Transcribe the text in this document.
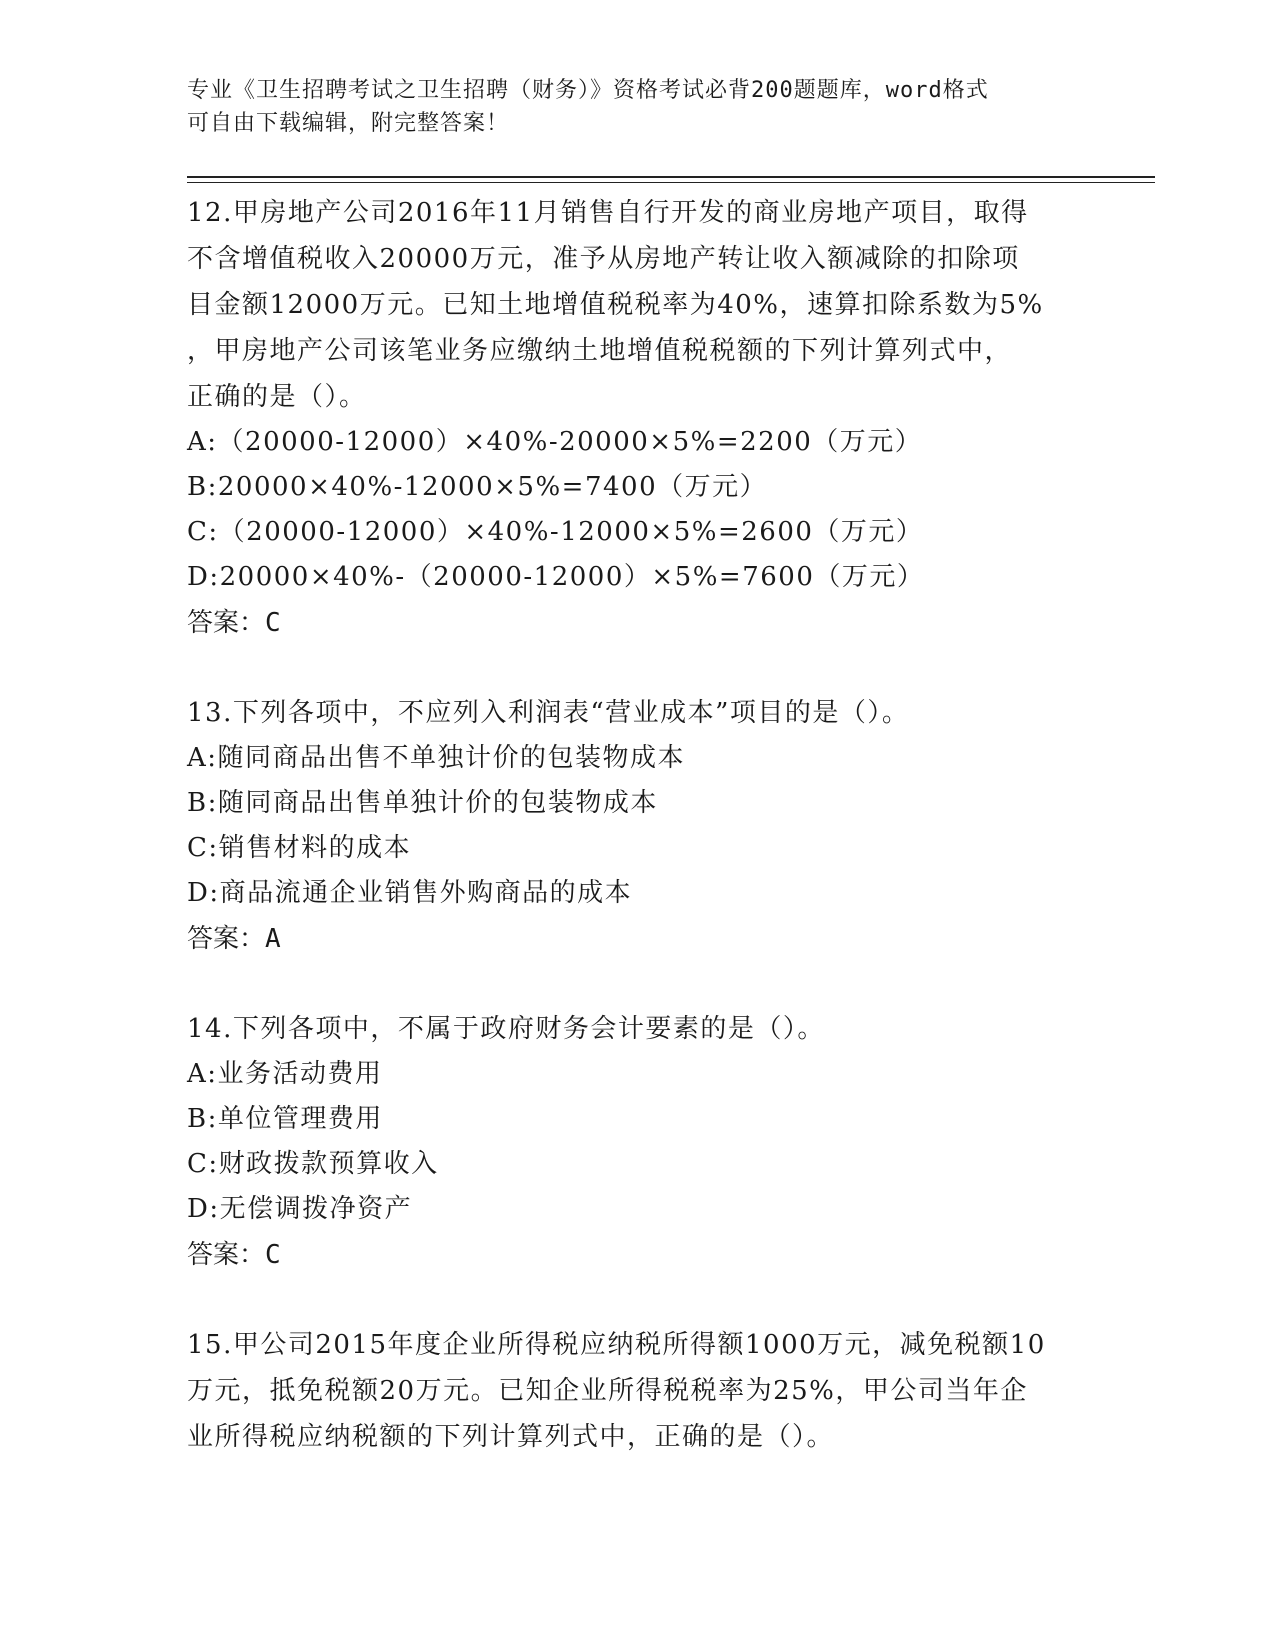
专业《卫生招聘考试之卫生招聘（财务）》资格考试必背200题题库，word格式
可自由下载编辑，附完整答案！

12.甲房地产公司2016年11月销售自行开发的商业房地产项目，取得
不含增值税收入20000万元，准予从房地产转让收入额减除的扣除项
目金额12000万元。已知土地增值税税率为40%，速算扣除系数为5%
，甲房地产公司该笔业务应缴纳土地增值税税额的下列计算列式中，
正确的是（）。

A:（20000-12000）×40%-20000×5%=2200（万元）

B:20000×40%-12000×5%=7400（万元）

C:（20000-12000）×40%-12000×5%=2600（万元）

D:20000×40%-（20000-12000）×5%=7600（万元）

答案：C

13.下列各项中，不应列入利润表“营业成本”项目的是（）。

A:随同商品出售不单独计价的包装物成本

B:随同商品出售单独计价的包装物成本

C:销售材料的成本

D:商品流通企业销售外购商品的成本

答案：A

14.下列各项中，不属于政府财务会计要素的是（）。

A:业务活动费用

B:单位管理费用

C:财政拨款预算收入

D:无偿调拨净资产

答案：C

15.甲公司2015年度企业所得税应纳税所得额1000万元，减免税额10
万元，抵免税额20万元。已知企业所得税税率为25%，甲公司当年企
业所得税应纳税额的下列计算列式中，正确的是（）。
